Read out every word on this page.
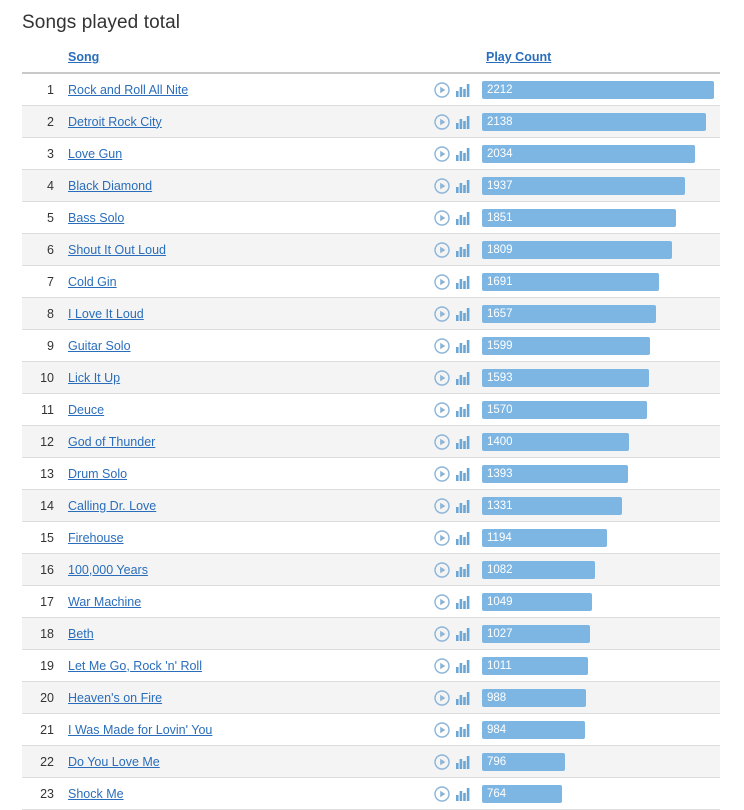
Songs played total
	Song		Play Count
1	Rock and Roll All Nite		2212

2	Detroit Rock City		2138

3	Love Gun		2034

4	Black Diamond		1937

5	Bass Solo		1851

6	Shout It Out Loud		1809

7	Cold Gin		1691

8	I Love It Loud		1657

9	Guitar Solo		1599

10	Lick It Up		1593

11	Deuce		1570

12	God of Thunder		1400

13	Drum Solo		1393

14	Calling Dr. Love		1331

15	Firehouse		1194

16	100,000 Years		1082

17	War Machine		1049

18	Beth		1027

19	Let Me Go, Rock 'n' Roll		1011

20	Heaven's on Fire		988

21	I Was Made for Lovin' You		984

22	Do You Love Me		796

23	Shock Me		764
